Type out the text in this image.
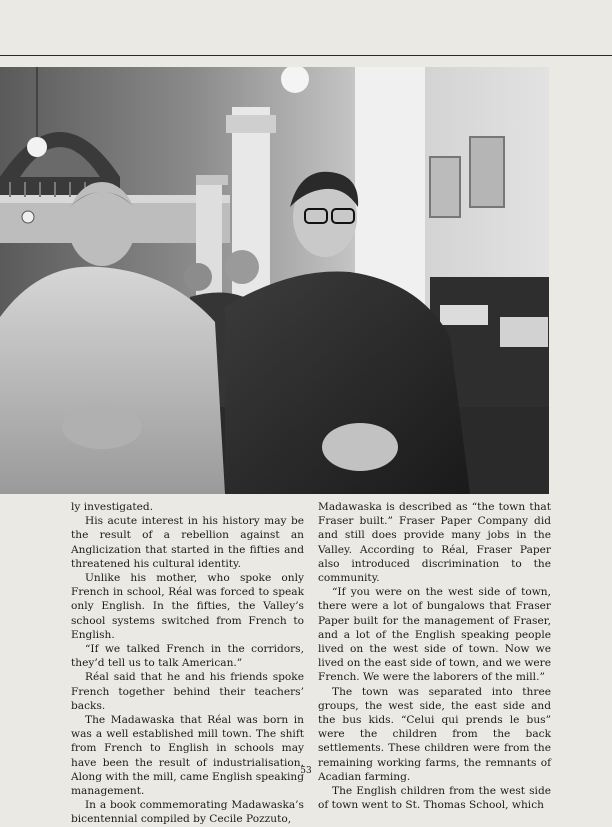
ly investigated.

His acute interest in his history may be the result of a rebellion against an Anglicization that started in the fifties and threatened his cultural identity.

Unlike his mother, who spoke only French in school, Réal was forced to speak only English. In the fifties, the Valley’s school systems switched from French to English.

“If we talked French in the corridors, they’d tell us to talk American.”

Réal said that he and his friends spoke French together behind their teachers’ backs.

The Madawaska that Réal was born in was a well established mill town. The shift from French to English in schools may have been the result of industrialisation. Along with the mill, came English speaking management.

In a book commemorating Madawaska’s bicentennial compiled by Cecile Pozzuto,

Madawaska is described as “the town that Fraser built.” Fraser Paper Company did and still does provide many jobs in the Valley. According to Réal, Fraser Paper also introduced discrimination to the community.

“If you were on the west side of town, there were a lot of bungalows that Fraser Paper built for the management of Fraser, and a lot of the English speaking people lived on the west side of town. Now we lived on the east side of town, and we were French. We were the laborers of the mill.”

The town was separated into three groups, the west side, the east side and the bus kids. “Celui qui prends le bus” were the children from the back settlements. These children were from the remaining working farms, the remnants of Acadian farming.

The English children from the west side of town went to St. Thomas School, which

53
